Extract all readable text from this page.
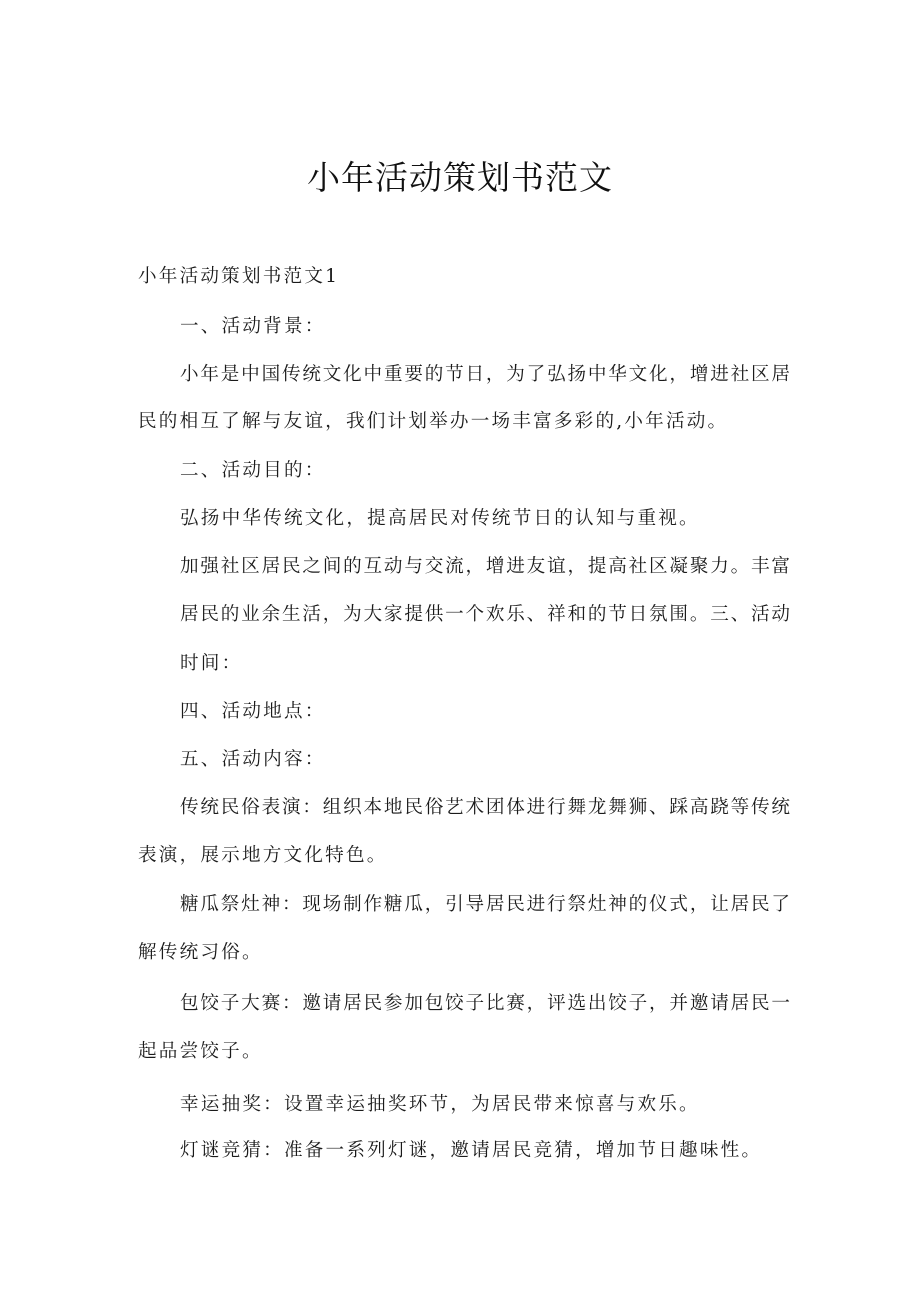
小年活动策划书范文
小年活动策划书范文1
一、活动背景：
小年是中国传统文化中重要的节日，为了弘扬中华文化，增进社区居
民的相互了解与友谊，我们计划举办一场丰富多彩的,小年活动。
二、活动目的：
弘扬中华传统文化，提高居民对传统节日的认知与重视。
加强社区居民之间的互动与交流，增进友谊，提高社区凝聚力。丰富
居民的业余生活，为大家提供一个欢乐、祥和的节日氛围。三、活动
时间：
四、活动地点：
五、活动内容：
传统民俗表演：组织本地民俗艺术团体进行舞龙舞狮、踩高跷等传统
表演，展示地方文化特色。
糖瓜祭灶神：现场制作糖瓜，引导居民进行祭灶神的仪式，让居民了
解传统习俗。
包饺子大赛：邀请居民参加包饺子比赛，评选出饺子，并邀请居民一
起品尝饺子。
幸运抽奖：设置幸运抽奖环节，为居民带来惊喜与欢乐。
灯谜竞猜：准备一系列灯谜，邀请居民竞猜，增加节日趣味性。
